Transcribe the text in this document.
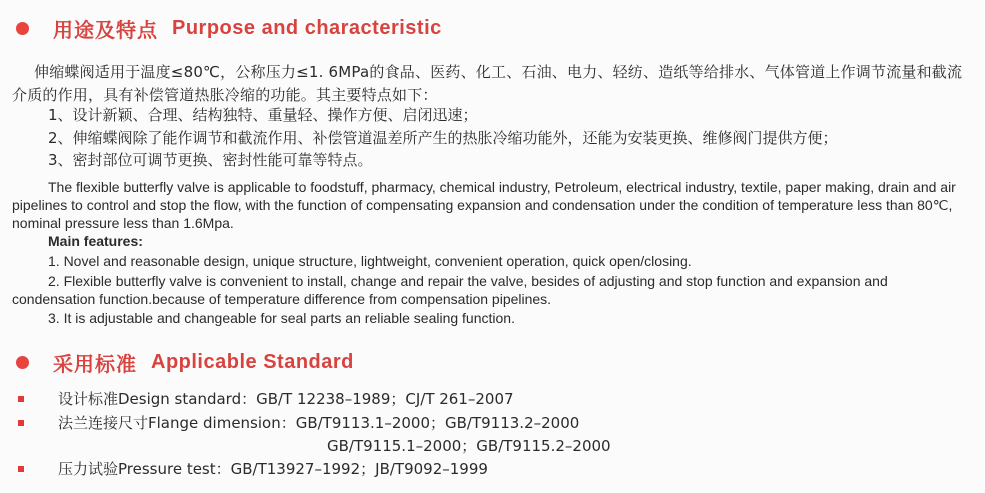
用途及特点 Purpose and characteristic
伸缩蝶阀适用于温度≤80℃，公称压力≤1. 6MPa的食品、医药、化工、石油、电力、轻纺、造纸等给排水、气体管道上作调节流量和截流介质的作用，具有补偿管道热胀冷缩的功能。其主要特点如下：
1、设计新颖、合理、结构独特、重量轻、操作方便、启闭迅速；
2、伸缩蝶阀除了能作调节和截流作用、补偿管道温差所产生的热胀冷缩功能外，还能为安装更换、维修阀门提供方便；
3、密封部位可调节更换、密封性能可靠等特点。
The flexible butterfly valve is applicable to foodstuff, pharmacy, chemical industry, Petroleum, electrical industry, textile, paper making, drain and air pipelines to control and stop the flow, with the function of compensating expansion and condensation under the condition of temperature less than 80℃, nominal pressure less than 1.6Mpa.
Main features:
1. Novel and reasonable design, unique structure, lightweight, convenient operation, quick open/closing.
2. Flexible butterfly valve is convenient to install, change and repair the valve, besides of adjusting and stop function and expansion and condensation function.because of temperature difference from compensation pipelines.
3. It is adjustable and changeable for seal parts an reliable sealing function.
采用标准 Applicable Standard
设计标准Design standard：GB/T 12238–1989；CJ/T 261–2007
法兰连接尺寸Flange dimension：GB/T9113.1–2000；GB/T9113.2–2000
GB/T9115.1–2000；GB/T9115.2–2000
压力试验Pressure test：GB/T13927–1992；JB/T9092–1999
